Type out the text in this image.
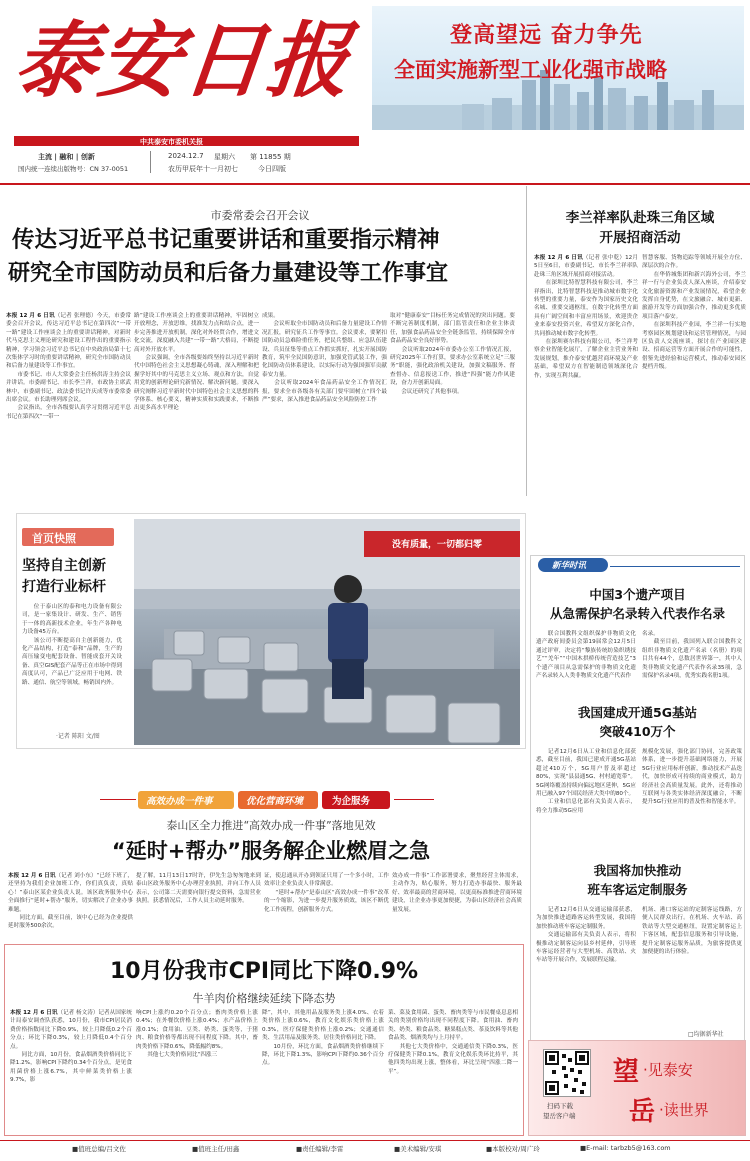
泰安日报	登高望远 奋力争先
全面实施新型工业化强市战略
中共泰安市委机关报
主流 | 融和 | 创新
国内统一连续出版物号：CN 37-0051
2024.12.7 星期六 第 11855 期
农历甲辰年十一月初七	今日四版
市委常委会召开会议
传达习近平总书记重要讲话和重要指示精神
研究全市国防动员和后备力量建设等工作事宜
本报 12 月 6 日讯（记者 张理德）今天，市委常委会召开会议，传达习近平总书记在第四次“一带一路”建设工作座谈会上的重要讲话精神，对新时代马克思主义理论研究和建设工程作出的重要指示精神，学习领会习近平总书记在中央政治局第十七次集体学习时的重要讲话精神，研究全市国防动员和后备力量建设等工作事宜。
　　市委书记、市人大常委会主任杨洪涛主持会议并讲话。市委副书记、市长李兰祥，市政协主席武林中，市委副书记、政法委书记许庆成等市委常委出席会议。市长助理列席会议。
　　会议指出，全市各级要认真学习贯彻习近平总书记在第四次“一带一
路”建设工作座谈会上的重要讲话精神，牢固树立开放理念，开放思维，找准发力点和结合点，进一步完善推进开放机制，深化对外经贸合作，增进文化交流，深度融入共建“一带一路”大格局，不断提高对外开放水平。
　　会议强调，全市各级要始终坚持以习近平新时代中国特色社会主义思想凝心铸魂，深入理解和把握学好其中的马克思主义立场、观点和方法，自觉用党的创新理论研究新情况、解决新问题。要深入研究阐释习近平新时代中国特色社会主义思想的科学体系、核心要义，精神实质和实践要求，不断推出更多高水平理论
成果。
　　会议听取全市国防动员和后备力量建设工作情况汇报，研究征兵工作等事宜。会议要求，要紧扣国防动员急难险重任务，把民兵整组、应急队伍建设、兵员征集等重点工作抓实抓好，扎实开展国防教育，筑牢全民国防意识，加强党管武装工作，强化国防动员体系建设，以实际行动为强国强军贡献泰安力量。
　　会议听取2024年食品药品安全工作情况汇报，要求全市各级各有关部门要牢固树立“四个最严”要求，深入推进食品药品安全风险防控工作
取对“健康泰安”目标任务完成情况的突出问题。要不断完善制度机制，部门监管责任和企业主体责任，加强食品药品安全全链条监管，持续保障全市食品药品安全良好形势。
　　会议听取2024年市委办公室工作情况汇报，研究2025年工作打算，要求办公室系统立足“三服务”职能，强化政治机关建设，加强文稿服务、督查督办、信息报送工作，推进“四强”能力作风建设，奋力开创新局面。
　　会议还研究了其他事项。
李兰祥率队赴珠三角区域
开展招商活动
本报 12 月 6 日讯（记者 张中乾）12月5日至6日，市委副书记、市长李兰祥率队赴珠三角区域开展招商对接活动。
　　在深圳比特智慧科技有限公司，李兰祥指出，比特智慧科技是推动城市数字化转型的重要力量，泰安作为国家历史文化名城、重要交通枢纽，在数字化转型方面具有广阔空间和丰富应用场景，欢迎贵企业来泰安投资兴业，希望双方深化合作，共同推动城市数字化转型。
　　在深圳赛尔科技有限公司，李兰祥考察企业智能化展厅，了解企业主营业务和发展规划，推介泰安优越营商环境及产业基础，希望双方在智能制造领域深化合作，实现互利共赢。
智慧客服、货物追踪等领域开展全方位、深层次的合作。
　　在华侨城集团和新兴海外公司，李兰祥一行与企业负责人深入座谈，介绍泰安文化旅游资源和产业发展情况，希望企业发挥自身优势，在文旅融合、城市更新、旅游开发等方面加强合作，推动更多优质项目落户泰安。
　　在深圳科技产业园，李兰祥一行实地考察园区规划建设和运营管理情况，与园区负责人交流座谈，探讨在产业园区建设、招商运营等方面开展合作的可能性，借鉴先进经验和运营模式，推动泰安园区提档升级。
首页快照
坚持自主创新
打造行业标杆
　　位于泰山区的泰和电力设备有限公司，是一家集设计、研发、生产、销售于一体的高新技术企业，年生产各种电力设备45万台。
　　该公司不断提高自主创新能力，优化产品结构，打造“泰和”品牌，生产的高压输变电配套设备、智能成套开关设备、真空GIS配套产品等正在市场中得到高度认可，产品已广泛应用于电网、铁路、通信、航空等领域，畅销国内外。
·记者 陈阳 文/图
没有质量，一切都归零
新华时讯
中国3个遗产项目
从急需保护名录转入代表作名录
　　联合国教科文组织保护非物质文化遗产政府间委员会第19届常会12月5日通过评审，决定将“黎族传统纺染织绣技艺”“羌年”“中国木拱桥传统营造技艺”3个遗产项目从急需保护的非物质文化遗产名录转入人类非物质文化遗产代表作
名录。
　　截至目前，我国列入联合国教科文组织非物质文化遗产名录（名册）的项目共有44个，总数居世界第一，其中人类非物质文化遗产代表作名录35项，急需保护名录4项，优秀实践名册1项。
我国建成开通5G基站
突破410万个
　　记者12月6日从工业和信息化部获悉，截至目前，我国已建成开通5G基站超过410万个，5G用户普及率超过80%，实现“县县通5G、村村通宽带”。5G网络覆盖持续向偏远地区延伸，5G应用已融入97个国民经济大类中的80个。
　　工业和信息化部有关负责人表示，将全力推动5G应用
规模化发展，强化部门协同，完善政策体系，进一步提升基础网络能力，开展5G行业应用标杆创新，推动技术产品迭代，加快形成可持续的商业模式，助力经济社会高质量发展。此外，还将推动互联网与各类实体经济深度融合，不断提升5G行业应用的普及性和智能水平。
我国将加快推动
班车客运定制服务
　　记者12月6日从交通运输部获悉，为加快推进道路客运转型发展，我国将加快推动班车客运定制服务。
　　交通运输部有关负责人表示，将积极推动定制客运向县乡村延伸，引导班车客运经营者与大型机场、高铁站、火车站等开展合作，发展联程运输。
机场、港口客运站的定制客运线路，方便人民群众出行。在机场、火车站、高铁站等大型交通枢纽，设置定制客运上下客区域，配套信息服务和引导设施，提升定制客运服务品质，为旅客提供更加便捷的出行体验。
□均据新华社
高效办成一件事	优化营商环境	为企服务
泰山区全力推进“高效办成一件事”落地见效
“延时+帮办”服务解企业燃眉之急
本报 12 月 6 日讯（记者 刘小东）“已经下班了，还坚持为我们企业加班工作，你们真负责，真贴心！”泰山区某企业负责人说。该区政务服务中心全面推行“延时+帮办”服务，切实解决了企业办事难题。
　　同比方面，截至目前，该中心已经为企业提供延时服务500余次。
提了解，11月13日17时许，伊先生急匆匆地来到泰山区政务服务中心办理营业执照，并向工作人员表示，公司第二天需要向银行提交资料，急需营业执照。获悉情况后，工作人员主动延时服务。
证，使息通从开办到领证只用了一个多小时，工作效率让企业负责人非常满意。
　　“延时+帮办”是泰山区“高效办成一件事”改革的一个缩影，为进一步提升服务质效，该区不断优化工作流程，创新服务方式。
效办成一件事”工作部署要求，聚焦经营主体需求，主动作为，贴心服务，努力打造办事最快、服务最好、效率最高的营商环境，以更高标准推进营商环境建设，让企业办事更加便捷，为泰山区经济社会高质量发展。
10月份我市CPI同比下降0.9%
牛羊肉价格继续延续下降态势
本报 12 月 6 日讯（记者 杨文涛）记者从国家统计局泰安调查队获悉，10月份，我市CPI居民消费价格指数同比下降0.9%，较上月降低0.2个百分点；环比下降0.3%，较上月降低0.4个百分点。
　　同比方面，10月份，食品烟酒类价格同比下降1.2%，影响CPI下降约0.34个百分点，是见食用菌价格上涨6.7%，其中鲜菜类价格上涨9.7%，影
响CPI上涨约0.20个百分点；畜肉类价格上涨0.4%；在外餐饮价格上涨0.4%；水产品价格上涨0.1%；食用油、豆类、奶类、蛋类等，于猪肉、粮食价格等都出现不同程度下降。其中，畜肉类价格下降0.6%，降低幅约8%。
　　其他七大类价格同比“四涨三
降”，其中，其他用品及服务类上涨4.0%、衣着类价格上涨0.6%，教育文化娱乐类价格上涨0.3%，医疗保健类价格上涨0.2%；交通通信类、生活用品及服务类、居住类价格同比下降。
　　10月份，环比方面，食品烟酒类价格继续下降，环比下降1.3%，影响CPI下降约0.36个百分点。
菜、菜及食用菌、蛋类、畜肉类等与市民餐桌息息相关的类别价格均出现不同程度下降。食用油、畜肉类、奶类、粮食品类、糖果糕点类、茶及饮料等其他食品类、烟酒类均与上月持平。
　　其他七大类价格中，交通通信类下降0.3%，医疗保健类下降0.1%，教育文化娱乐类环比持平，其他四类均出现上涨，整体看，环比呈现“四涨二降一平”。
扫码下载
望岳客户端
望 ·见泰安
岳 ·读世界
■值班总编/吕文佐	■值班主任/田鑫	■责任编辑/李雷	■美术编辑/安琪	■本版校对/周广玲	■E-mail: tarbzb5@163.com
